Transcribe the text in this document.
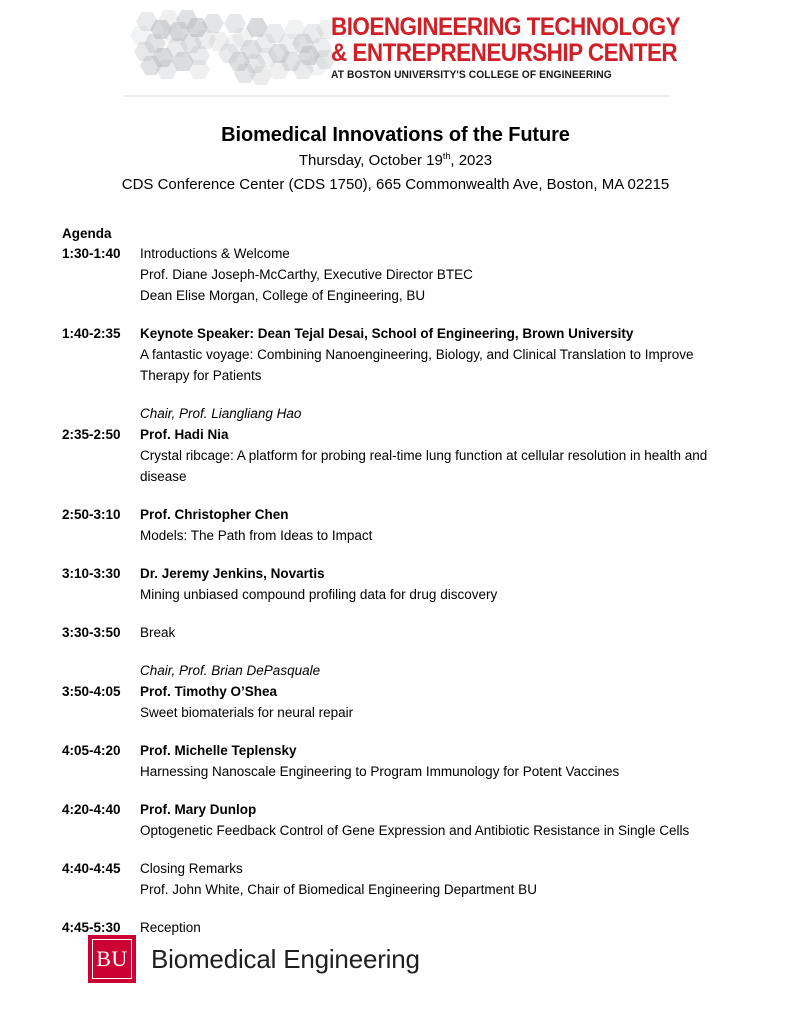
BIOENGINEERING TECHNOLOGY
& ENTREPRENEURSHIP CENTER
AT BOSTON UNIVERSITY'S COLLEGE OF ENGINEERING
Biomedical Innovations of the Future
Thursday, October 19th, 2023
CDS Conference Center (CDS 1750), 665 Commonwealth Ave, Boston, MA 02215
Agenda
1:30-1:40	Introductions & Welcome
Prof. Diane Joseph-McCarthy, Executive Director BTEC
Dean Elise Morgan, College of Engineering, BU
1:40-2:35	Keynote Speaker: Dean Tejal Desai, School of Engineering, Brown University
A fantastic voyage: Combining Nanoengineering, Biology, and Clinical Translation to Improve Therapy for Patients
Chair, Prof. Liangliang Hao
2:35-2:50	Prof. Hadi Nia
Crystal ribcage: A platform for probing real-time lung function at cellular resolution in health and disease
2:50-3:10	Prof. Christopher Chen
Models: The Path from Ideas to Impact
3:10-3:30	Dr. Jeremy Jenkins, Novartis
Mining unbiased compound profiling data for drug discovery
3:30-3:50	Break
Chair, Prof. Brian DePasquale
3:50-4:05	Prof. Timothy O’Shea
Sweet biomaterials for neural repair
4:05-4:20	Prof. Michelle Teplensky
Harnessing Nanoscale Engineering to Program Immunology for Potent Vaccines
4:20-4:40	Prof. Mary Dunlop
Optogenetic Feedback Control of Gene Expression and Antibiotic Resistance in Single Cells
4:40-4:45	Closing Remarks
Prof. John White, Chair of Biomedical Engineering Department BU
4:45-5:30	Reception
BU Biomedical Engineering
